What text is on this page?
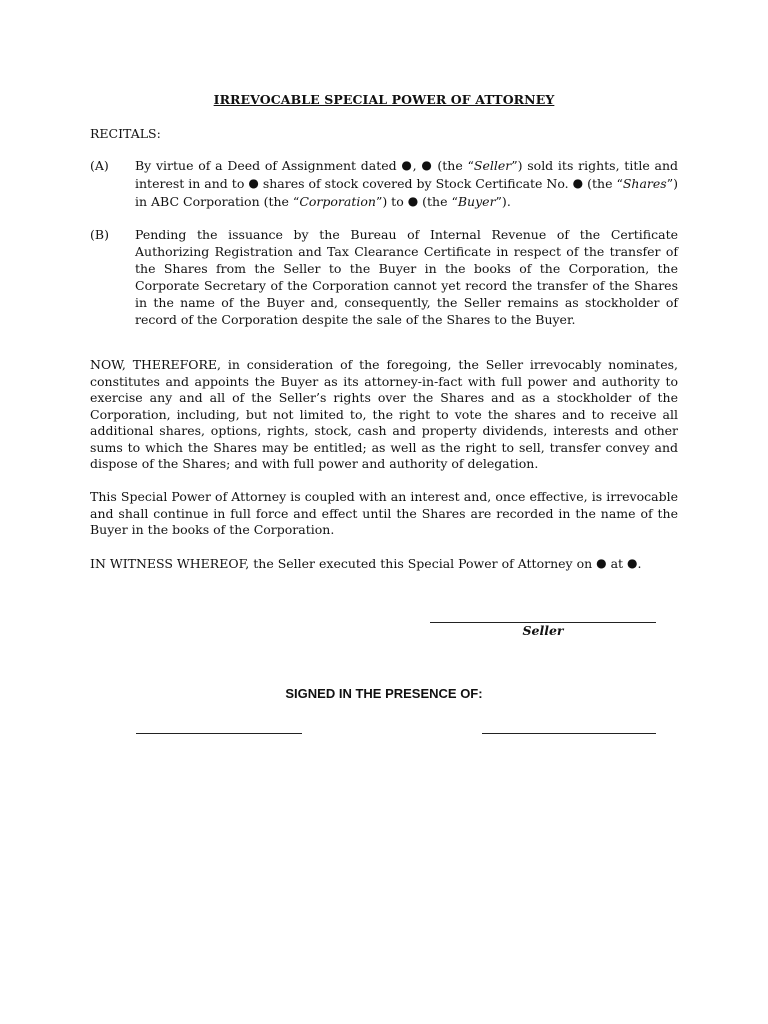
IRREVOCABLE SPECIAL POWER OF ATTORNEY
RECITALS:
(A) By virtue of a Deed of Assignment dated ●, ● (the “Seller”) sold its rights, title and interest in and to ● shares of stock covered by Stock Certificate No. ● (the “Shares”) in ABC Corporation (the “Corporation”) to ● (the “Buyer”).
(B) Pending the issuance by the Bureau of Internal Revenue of the Certificate Authorizing Registration and Tax Clearance Certificate in respect of the transfer of the Shares from the Seller to the Buyer in the books of the Corporation, the Corporate Secretary of the Corporation cannot yet record the transfer of the Shares in the name of the Buyer and, consequently, the Seller remains as stockholder of record of the Corporation despite the sale of the Shares to the Buyer.
NOW, THEREFORE, in consideration of the foregoing, the Seller irrevocably nominates, constitutes and appoints the Buyer as its attorney-in-fact with full power and authority to exercise any and all of the Seller’s rights over the Shares and as a stockholder of the Corporation, including, but not limited to, the right to vote the shares and to receive all additional shares, options, rights, stock, cash and property dividends, interests and other sums to which the Shares may be entitled; as well as the right to sell, transfer convey and dispose of the Shares; and with full power and authority of delegation.
This Special Power of Attorney is coupled with an interest and, once effective, is irrevocable and shall continue in full force and effect until the Shares are recorded in the name of the Buyer in the books of the Corporation.
IN WITNESS WHEREOF, the Seller executed this Special Power of Attorney on ● at ●.
Seller
SIGNED IN THE PRESENCE OF:
